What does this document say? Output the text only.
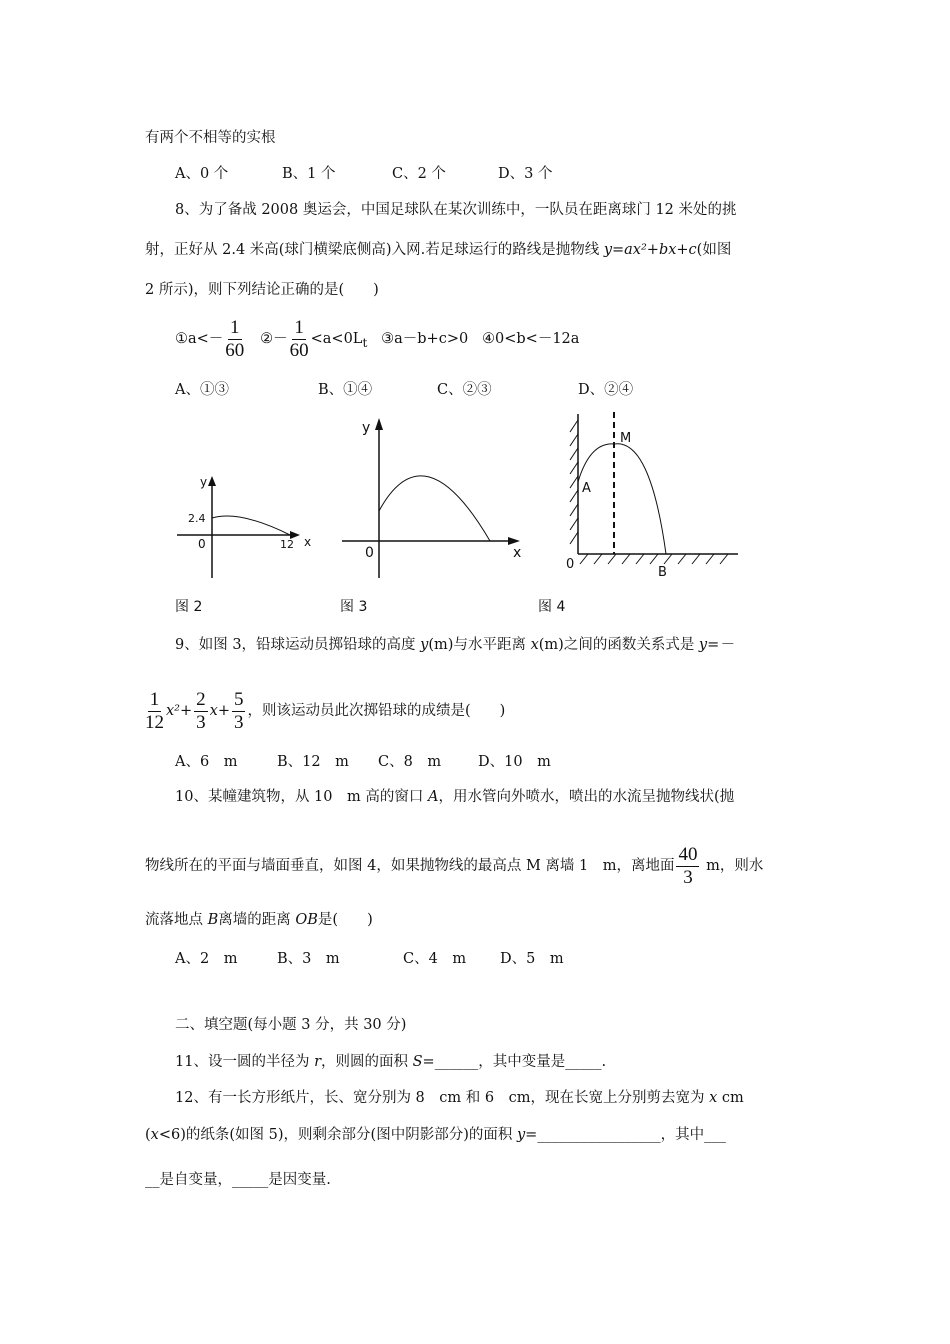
有两个不相等的实根
A、0 个	B、1 个	C、2 个	D、3 个
8、为了备战 2008 奥运会，中国足球队在某次训练中，一队员在距离球门 12 米处的挑
射，正好从 2.4 米高(球门横梁底侧高)入网.若足球运行的路线是抛物线 y=ax²+bx+c(如图
2 所示)，则下列结论正确的是(　　)
①a<－ $\frac{1}{60}$ ②－ $\frac{1}{60} <a<0L_t$ ③a－b+c>0 ④0<b<－12a
A、①③	B、①④	C、②③	D、②④
y
2.4
0	12 x
图 2
y
0	x
图 3
M
A
0
B
图 4
9、如图 3，铅球运动员掷铅球的高度 y(m)与水平距离 x(m)之间的函数关系式是 y=－
$\frac{1}{12} x^2+ \frac{2}{3} x+ \frac{5}{3}$ ，则该运动员此次掷铅球的成绩是(　　)
A、6　m	B、12　m C、8　m	D、10　m
10、某幢建筑物，从 10　m 高的窗口 A，用水管向外喷水，喷出的水流呈抛物线状(抛
物线所在的平面与墙面垂直，如图 4，如果抛物线的最高点 M 离墙 1　m，离地面 $\frac{40}{3}$ m，则水
流落地点 B离墙的距离 OB是(　　)
A、2　m	B、3　m	C、4　m D、5　m
二、填空题(每小题 3 分，共 30 分)
11、设一圆的半径为 r，则圆的面积 S=______，其中变量是_____.
12、有一长方形纸片，长、宽分别为 8　cm 和 6　cm，现在长宽上分别剪去宽为 x cm
(x<6)的纸条(如图 5)，则剩余部分(图中阴影部分)的面积 y=_________________，其中___
__是自变量，_____是因变量.
